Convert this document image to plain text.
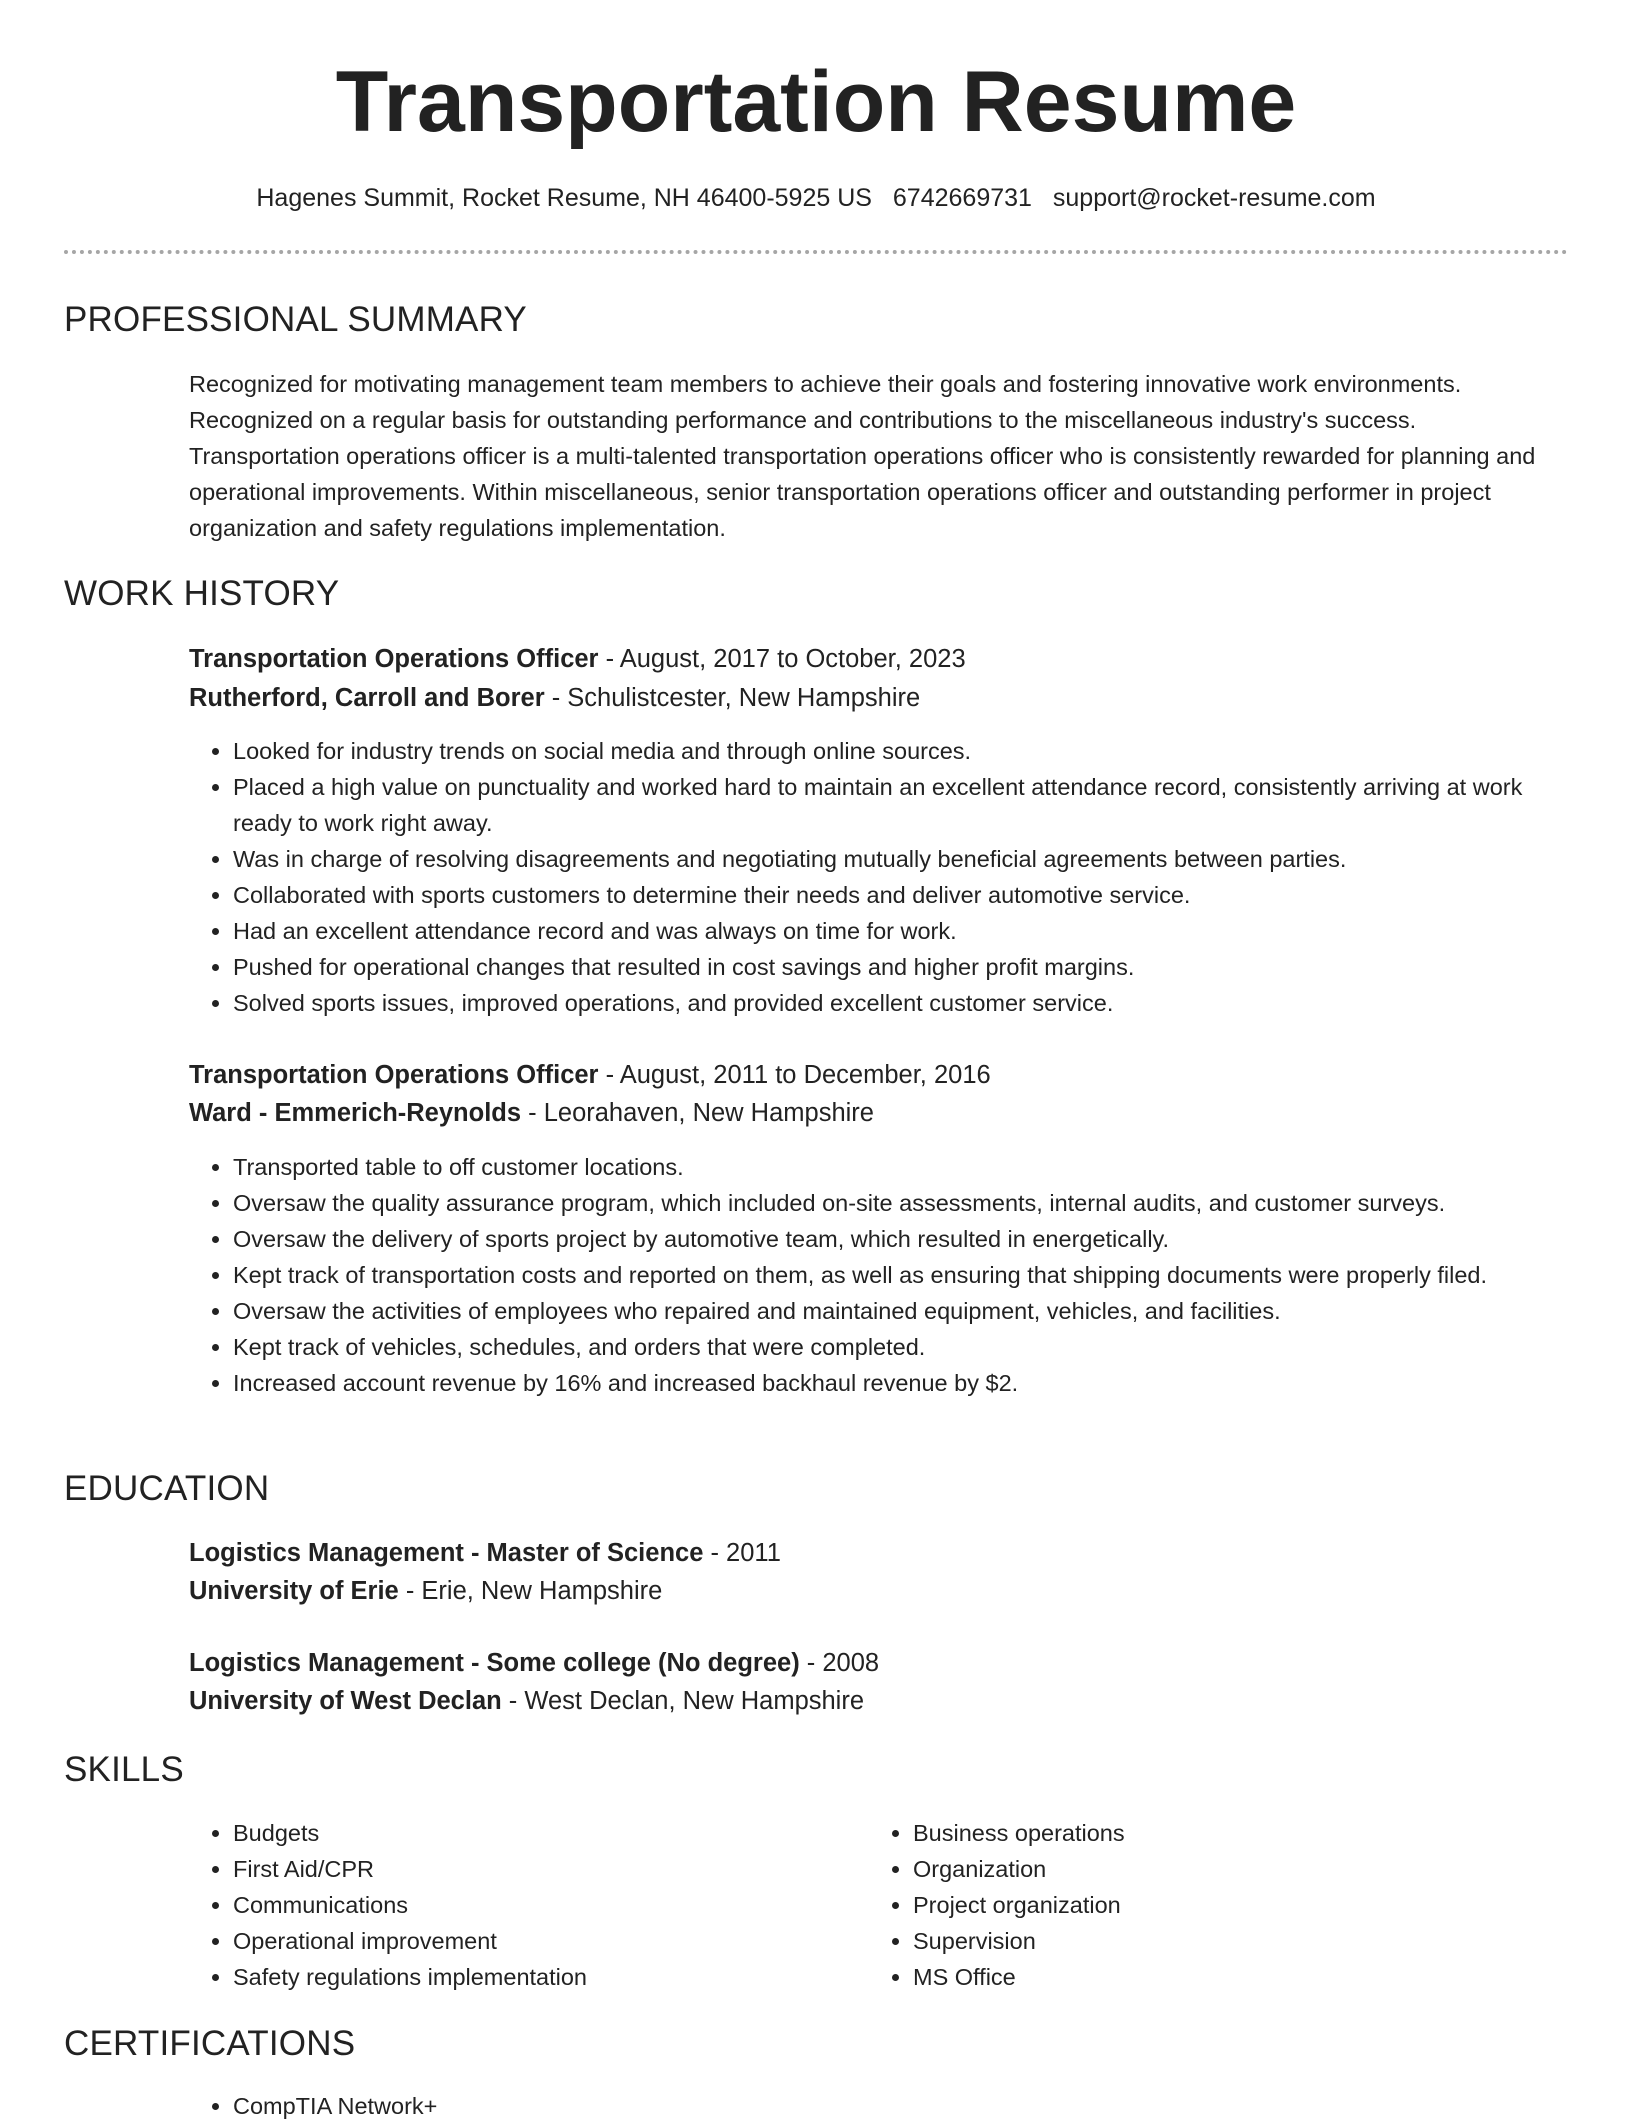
Transportation Resume
Hagenes Summit, Rocket Resume, NH 46400-5925 US 6742669731 support@rocket-resume.com
PROFESSIONAL SUMMARY

Recognized for motivating management team members to achieve their goals and fostering innovative work environments. Recognized on a regular basis for outstanding performance and contributions to the miscellaneous industry's success. Transportation operations officer is a multi-talented transportation operations officer who is consistently rewarded for planning and operational improvements. Within miscellaneous, senior transportation operations officer and outstanding performer in project organization and safety regulations implementation.

WORK HISTORY
Transportation Operations Officer - August, 2017 to October, 2023
Rutherford, Carroll and Borer - Schulistcester, New Hampshire
• Looked for industry trends on social media and through online sources.
• Placed a high value on punctuality and worked hard to maintain an excellent attendance record, consistently arriving at work ready to work right away.
• Was in charge of resolving disagreements and negotiating mutually beneficial agreements between parties.
• Collaborated with sports customers to determine their needs and deliver automotive service.
• Had an excellent attendance record and was always on time for work.
• Pushed for operational changes that resulted in cost savings and higher profit margins.
• Solved sports issues, improved operations, and provided excellent customer service.
Transportation Operations Officer - August, 2011 to December, 2016
Ward - Emmerich-Reynolds - Leorahaven, New Hampshire
• Transported table to off customer locations.
• Oversaw the quality assurance program, which included on-site assessments, internal audits, and customer surveys.
• Oversaw the delivery of sports project by automotive team, which resulted in energetically.
• Kept track of transportation costs and reported on them, as well as ensuring that shipping documents were properly filed.
• Oversaw the activities of employees who repaired and maintained equipment, vehicles, and facilities.
• Kept track of vehicles, schedules, and orders that were completed.
• Increased account revenue by 16% and increased backhaul revenue by $2.
EDUCATION
Logistics Management - Master of Science - 2011
University of Erie - Erie, New Hampshire
Logistics Management - Some college (No degree) - 2008
University of West Declan - West Declan, New Hampshire
SKILLS
• Budgets
• First Aid/CPR
• Communications
• Operational improvement
• Safety regulations implementation
• Business operations
• Organization
• Project organization
• Supervision
• MS Office
CERTIFICATIONS
• CompTIA Network+
